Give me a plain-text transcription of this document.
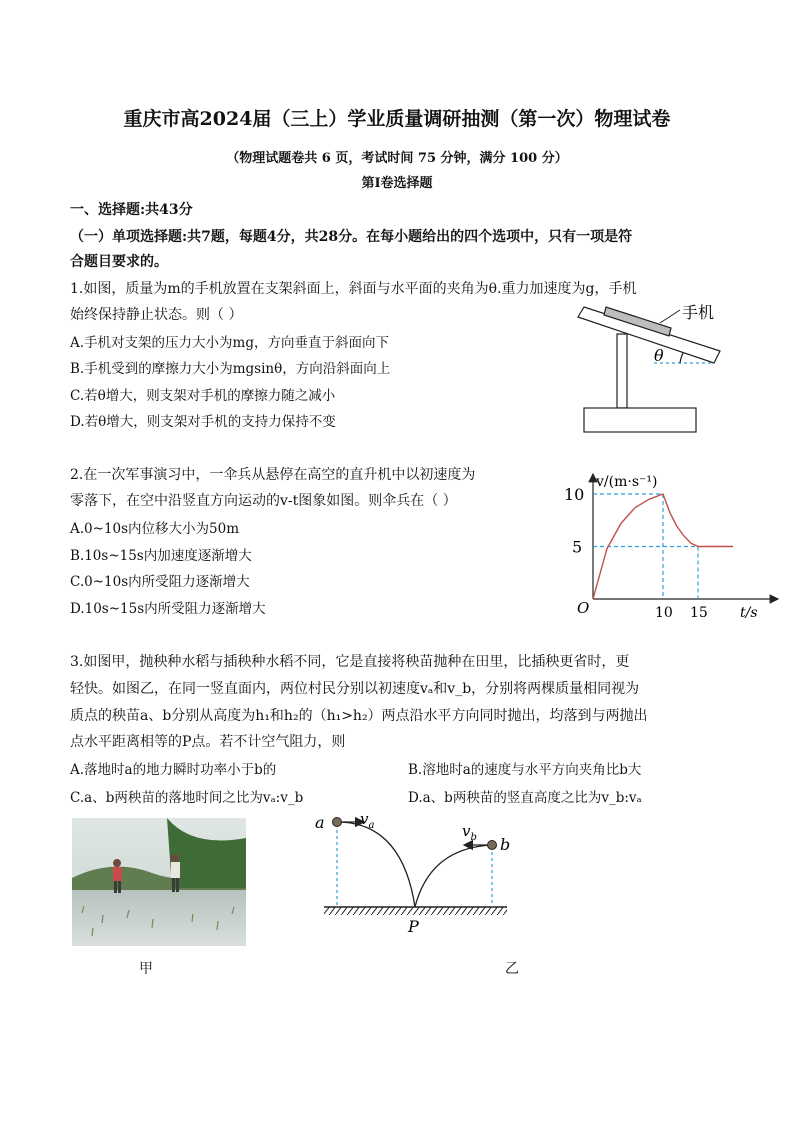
重庆市高2024届（三上）学业质量调研抽测（第一次）物理试卷
（物理试题卷共 6 页，考试时间 75 分钟，满分 100 分）
第Ⅰ卷选择题
一、选择题:共43分
（一）单项选择题:共7题，每题4分，共28分。在每小题给出的四个选项中，只有一项是符
合题目要求的。
1.如图，质量为m的手机放置在支架斜面上，斜面与水平面的夹角为θ.重力加速度为g，手机
始终保持静止状态。则（ ）
A.手机对支架的压力大小为mg，方向垂直于斜面向下
B.手机受到的摩擦力大小为mgsinθ，方向沿斜面向上
C.若θ增大，则支架对手机的摩擦力随之减小
D.若θ增大，则支架对手机的支持力保持不变
手机
θ
2.在一次军事演习中，一伞兵从悬停在高空的直升机中以初速度为
零落下，在空中沿竖直方向运动的v-t图象如图。则伞兵在（ ）
A.0~10s内位移大小为50m
B.10s~15s内加速度逐渐增大
C.0~10s内所受阻力逐渐增大
D.10s~15s内所受阻力逐渐增大
v/(m·s⁻¹)
t/s
O	10 15
5
10
3.如图甲，抛秧种水稻与插秧种水稻不同，它是直接将秧苗抛种在田里，比插秧更省时，更
轻快。如图乙，在同一竖直面内，两位村民分别以初速度vₐ和v_b，分别将两棵质量相同视为
质点的秧苗a、b分别从高度为h₁和h₂的（h₁>h₂）两点沿水平方向同时抛出，均落到与两抛出
点水平距离相等的P点。若不计空气阻力，则
A.落地时a的地力瞬时功率小于b的	B.溶地时a的速度与水平方向夹角比b大
C.a、b两秧苗的落地时间之比为vₐ:v_b	D.a、b两秧苗的竖直高度之比为v_b:vₐ
甲
a
b
$v_a$	$v_b$
P
乙
